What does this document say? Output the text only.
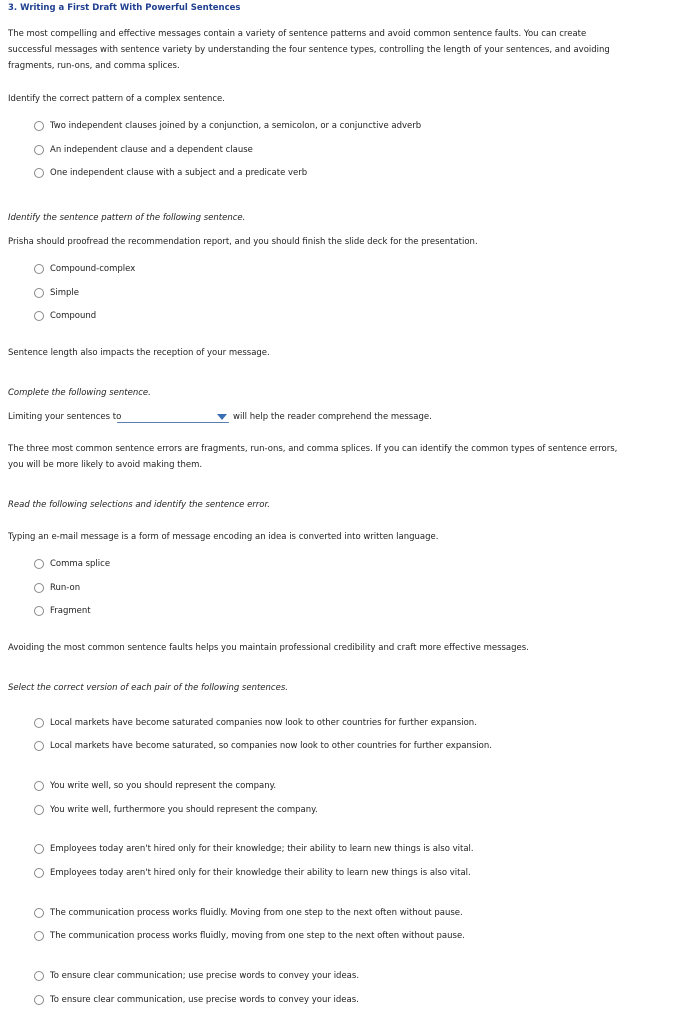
3. Writing a First Draft With Powerful Sentences
The most compelling and effective messages contain a variety of sentence patterns and avoid common sentence faults. You can create successful messages with sentence variety by understanding the four sentence types, controlling the length of your sentences, and avoiding fragments, run-ons, and comma splices.
Identify the correct pattern of a complex sentence.
Two independent clauses joined by a conjunction, a semicolon, or a conjunctive adverb
An independent clause and a dependent clause
One independent clause with a subject and a predicate verb
Identify the sentence pattern of the following sentence.
Prisha should proofread the recommendation report, and you should finish the slide deck for the presentation.
Compound-complex
Simple
Compound
Sentence length also impacts the reception of your message.
Complete the following sentence.
Limiting your sentences to	will help the reader comprehend the message.
The three most common sentence errors are fragments, run-ons, and comma splices. If you can identify the common types of sentence errors, you will be more likely to avoid making them.
Read the following selections and identify the sentence error.
Typing an e-mail message is a form of message encoding an idea is converted into written language.
Comma splice
Run-on
Fragment
Avoiding the most common sentence faults helps you maintain professional credibility and craft more effective messages.
Select the correct version of each pair of the following sentences.
Local markets have become saturated companies now look to other countries for further expansion.
Local markets have become saturated, so companies now look to other countries for further expansion.
You write well, so you should represent the company.
You write well, furthermore you should represent the company.
Employees today aren't hired only for their knowledge; their ability to learn new things is also vital.
Employees today aren't hired only for their knowledge their ability to learn new things is also vital.
The communication process works fluidly. Moving from one step to the next often without pause.
The communication process works fluidly, moving from one step to the next often without pause.
To ensure clear communication; use precise words to convey your ideas.
To ensure clear communication, use precise words to convey your ideas.
